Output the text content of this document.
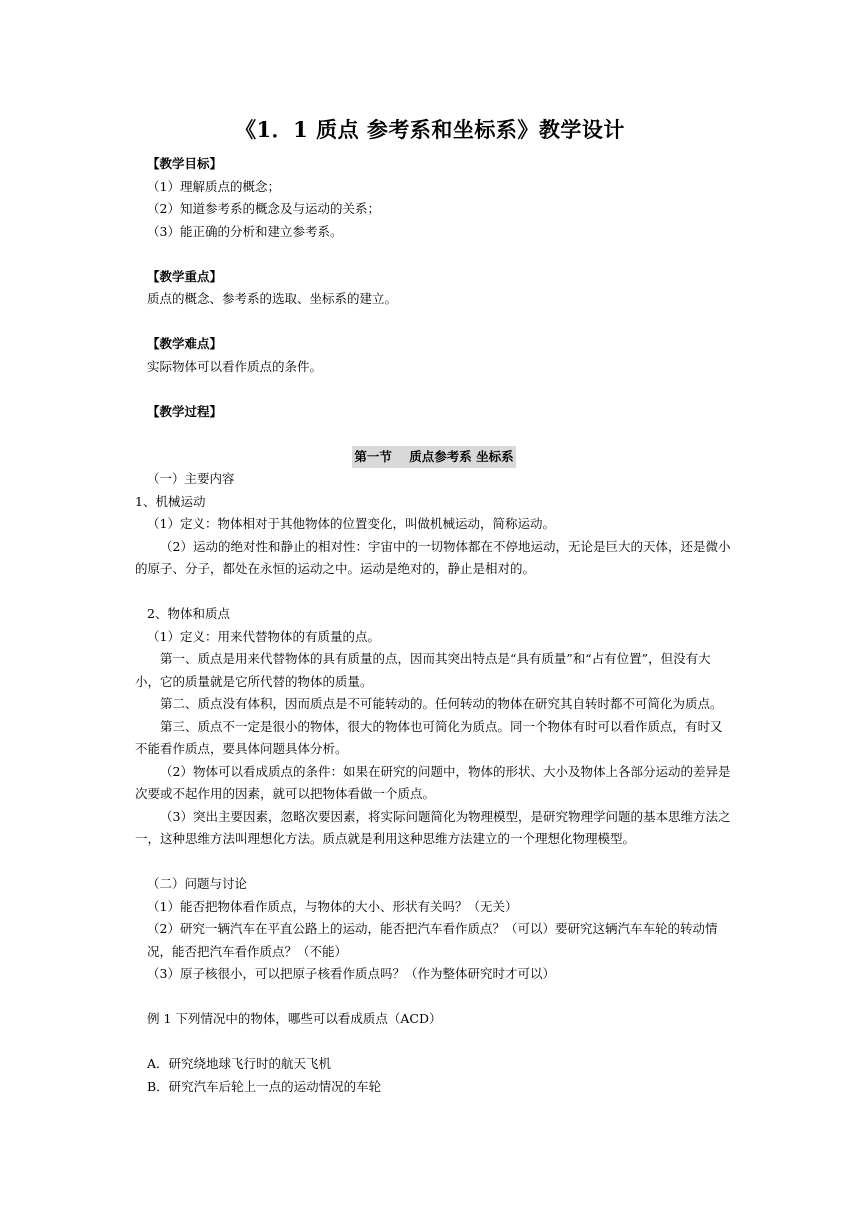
《1．1 质点 参考系和坐标系》教学设计

【教学目标】

（1）理解质点的概念；

（2）知道参考系的概念及与运动的关系；

（3）能正确的分析和建立参考系。

【教学重点】

质点的概念、参考系的选取、坐标系的建立。

【教学难点】

实际物体可以看作质点的条件。

【教学过程】

第一节    质点参考系 坐标系

（一）主要内容

1、机械运动

（1）定义：物体相对于其他物体的位置变化，叫做机械运动，简称运动。

（2）运动的绝对性和静止的相对性：宇宙中的一切物体都在不停地运动，无论是巨大的天体，还是微小的原子、分子，都处在永恒的运动之中。运动是绝对的，静止是相对的。

2、物体和质点

（1）定义：用来代替物体的有质量的点。

第一、质点是用来代替物体的具有质量的点，因而其突出特点是“具有质量”和“占有位置”，但没有大小，它的质量就是它所代替的物体的质量。

第二、质点没有体积，因而质点是不可能转动的。任何转动的物体在研究其自转时都不可简化为质点。

第三、质点不一定是很小的物体，很大的物体也可简化为质点。同一个物体有时可以看作质点，有时又不能看作质点，要具体问题具体分析。

（2）物体可以看成质点的条件：如果在研究的问题中，物体的形状、大小及物体上各部分运动的差异是次要或不起作用的因素，就可以把物体看做一个质点。

（3）突出主要因素，忽略次要因素，将实际问题简化为物理模型，是研究物理学问题的基本思维方法之一，这种思维方法叫理想化方法。质点就是利用这种思维方法建立的一个理想化物理模型。

（二）问题与讨论

（1）能否把物体看作质点，与物体的大小、形状有关吗？（无关）

（2）研究一辆汽车在平直公路上的运动，能否把汽车看作质点？（可以）要研究这辆汽车车轮的转动情况，能否把汽车看作质点？（不能）

（3）原子核很小，可以把原子核看作质点吗？（作为整体研究时才可以）

例 1 下列情况中的物体，哪些可以看成质点（ACD）

A．研究绕地球飞行时的航天飞机

B．研究汽车后轮上一点的运动情况的车轮
